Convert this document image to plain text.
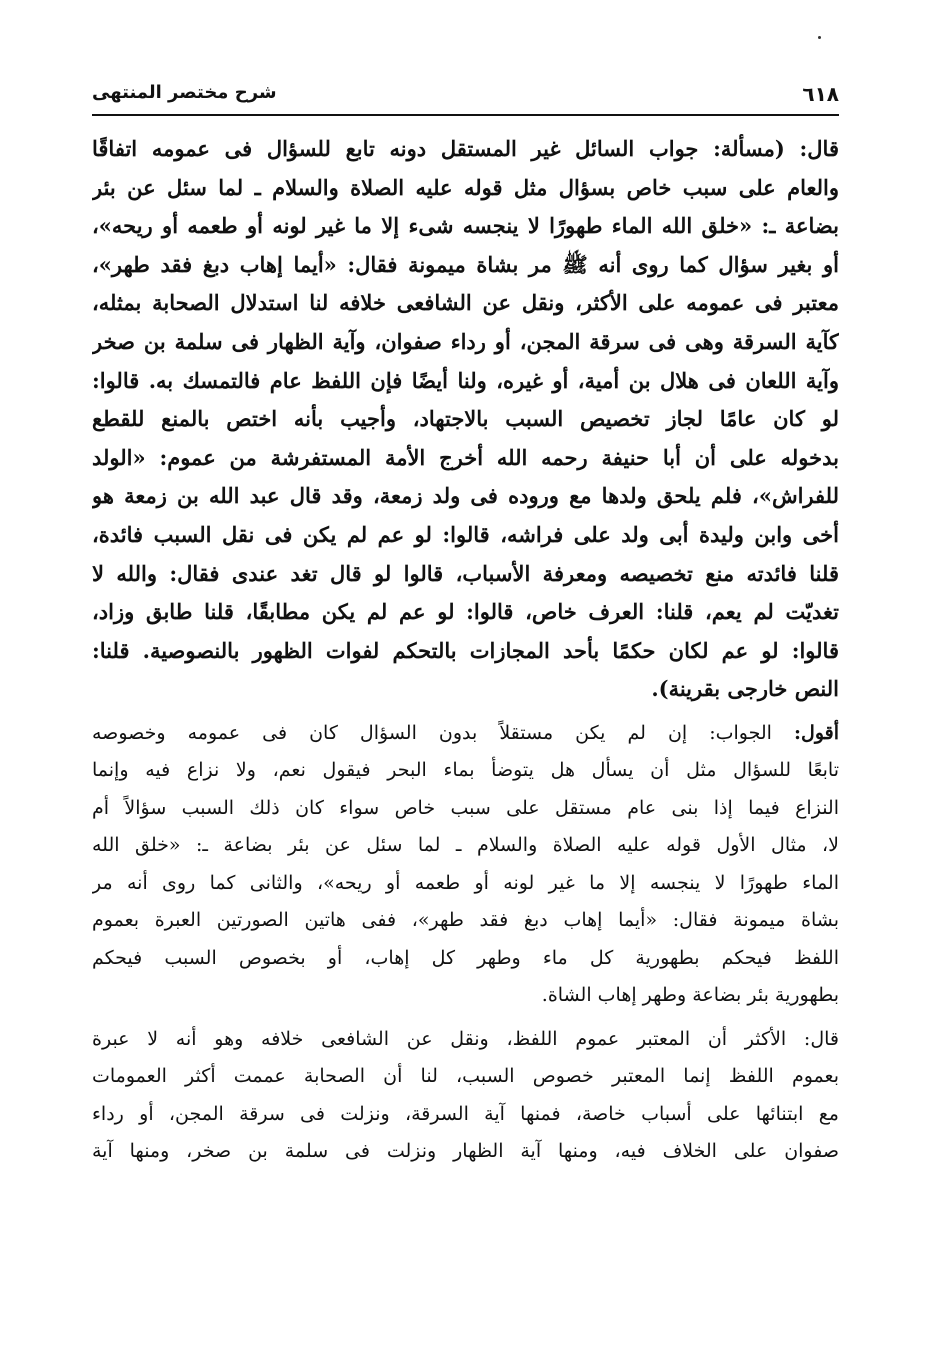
شرح مختصر المنتهى	٦١٨
قال: (مسألة: جواب السائل غير المستقل دونه تابع للسؤال فى عمومه اتفاقًا
والعام على سبب خاص بسؤال مثل قوله عليه الصلاة والسلام ـ لما سئل عن بئر
بضاعة ـ: «خلق الله الماء طهورًا لا ينجسه شىء إلا ما غير لونه أو طعمه أو ريحه»،
أو بغير سؤال كما روى أنه ﷺ مر بشاة ميمونة فقال: «أيما إهاب دبغ فقد طهر»،
معتبر فى عمومه على الأكثر، ونقل عن الشافعى خلافه لنا استدلال الصحابة بمثله،
كآية السرقة وهى فى سرقة المجن، أو رداء صفوان، وآية الظهار فى سلمة بن صخر
وآية اللعان فى هلال بن أمية، أو غيره، ولنا أيضًا فإن اللفظ عام فالتمسك به. قالوا:
لو كان عامًا لجاز تخصيص السبب بالاجتهاد، وأجيب بأنه اختص بالمنع للقطع
بدخوله على أن أبا حنيفة رحمه الله أخرج الأمة المستفرشة من عموم: «الولد
للفراش»، فلم يلحق ولدها مع وروده فى ولد زمعة، وقد قال عبد الله بن زمعة هو
أخى وابن وليدة أبى ولد على فراشه، قالوا: لو عم لم يكن فى نقل السبب فائدة،
قلنا فائدته منع تخصيصه ومعرفة الأسباب، قالوا لو قال تغد عندى فقال: والله لا
تغديّت لم يعم، قلنا: العرف خاص، قالوا: لو عم لم يكن مطابقًا، قلنا طابق وزاد،
قالوا: لو عم لكان حكمًا بأحد المجازات بالتحكم لفوات الظهور بالنصوصية. قلنا:
النص خارجى بقرينة).
أقول: الجواب: إن لم يكن مستقلاً بدون السؤال كان فى عمومه وخصوصه
تابعًا للسؤال مثل أن يسأل هل يتوضأ بماء البحر فيقول نعم، ولا نزاع فيه وإنما
النزاع فيما إذا بنى عام مستقل على سبب خاص سواء كان ذلك السبب سؤالاً أم
لا، مثال الأول قوله عليه الصلاة والسلام ـ لما سئل عن بئر بضاعة ـ: «خلق الله
الماء طهورًا لا ينجسه إلا ما غير لونه أو طعمه أو ريحه»، والثانى كما روى أنه مر
بشاة ميمونة فقال: «أيما إهاب دبغ فقد طهر»، ففى هاتين الصورتين العبرة بعموم
اللفظ فيحكم بطهورية كل ماء وطهر كل إهاب، أو بخصوص السبب فيحكم
بطهورية بئر بضاعة وطهر إهاب الشاة.
قال: الأكثر أن المعتبر عموم اللفظ، ونقل عن الشافعى خلافه وهو أنه لا عبرة
بعموم اللفظ إنما المعتبر خصوص السبب، لنا أن الصحابة عممت أكثر العمومات
مع ابتنائها على أسباب خاصة، فمنها آية السرقة، ونزلت فى سرقة المجن، أو رداء
صفوان على الخلاف فيه، ومنها آية الظهار ونزلت فى سلمة بن صخر، ومنها آية
